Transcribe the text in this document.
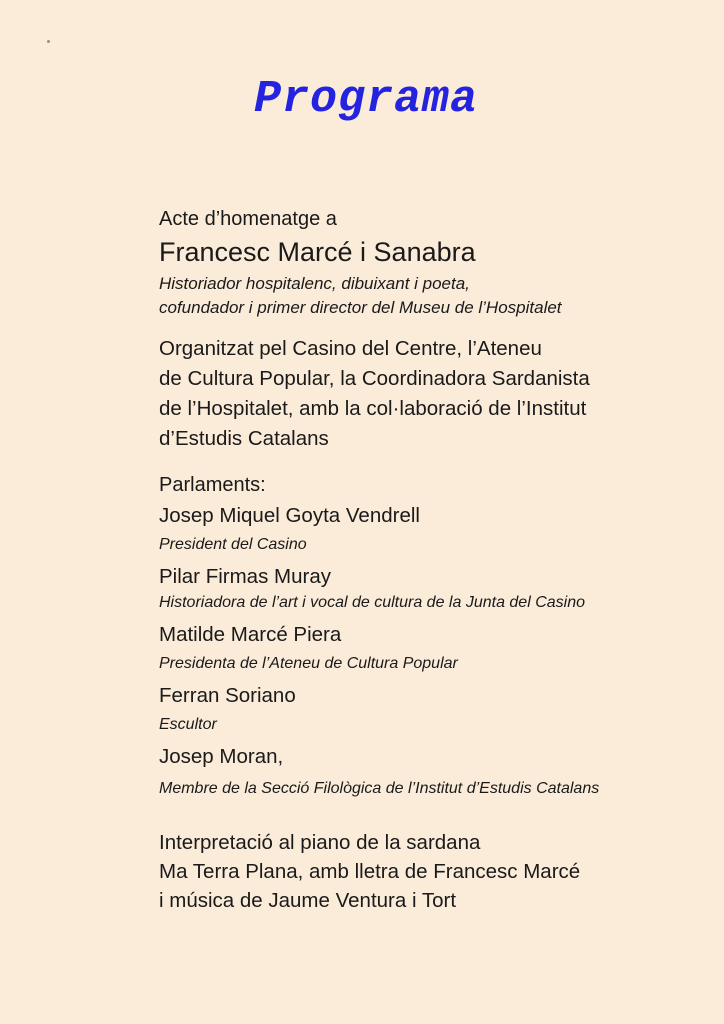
Programa
Acte d’homenatge a
Francesc Marcé i Sanabra
Historiador hospitalenc, dibuixant i poeta,
cofundador i primer director del Museu de l’Hospitalet
Organitzat pel Casino del Centre, l’Ateneu
de Cultura Popular, la Coordinadora Sardanista
de l’Hospitalet, amb la col·laboració de l’Institut
d’Estudis Catalans
Parlaments:
Josep Miquel Goyta Vendrell
President del Casino
Pilar Firmas Muray
Historiadora de l’art i vocal de cultura de la Junta del Casino
Matilde Marcé Piera
Presidenta de l’Ateneu de Cultura Popular
Ferran Soriano
Escultor
Josep Moran,
Membre de la Secció Filològica de l’Institut d’Estudis Catalans
Interpretació al piano de la sardana
Ma Terra Plana, amb lletra de Francesc Marcé
i música de Jaume Ventura i Tort
